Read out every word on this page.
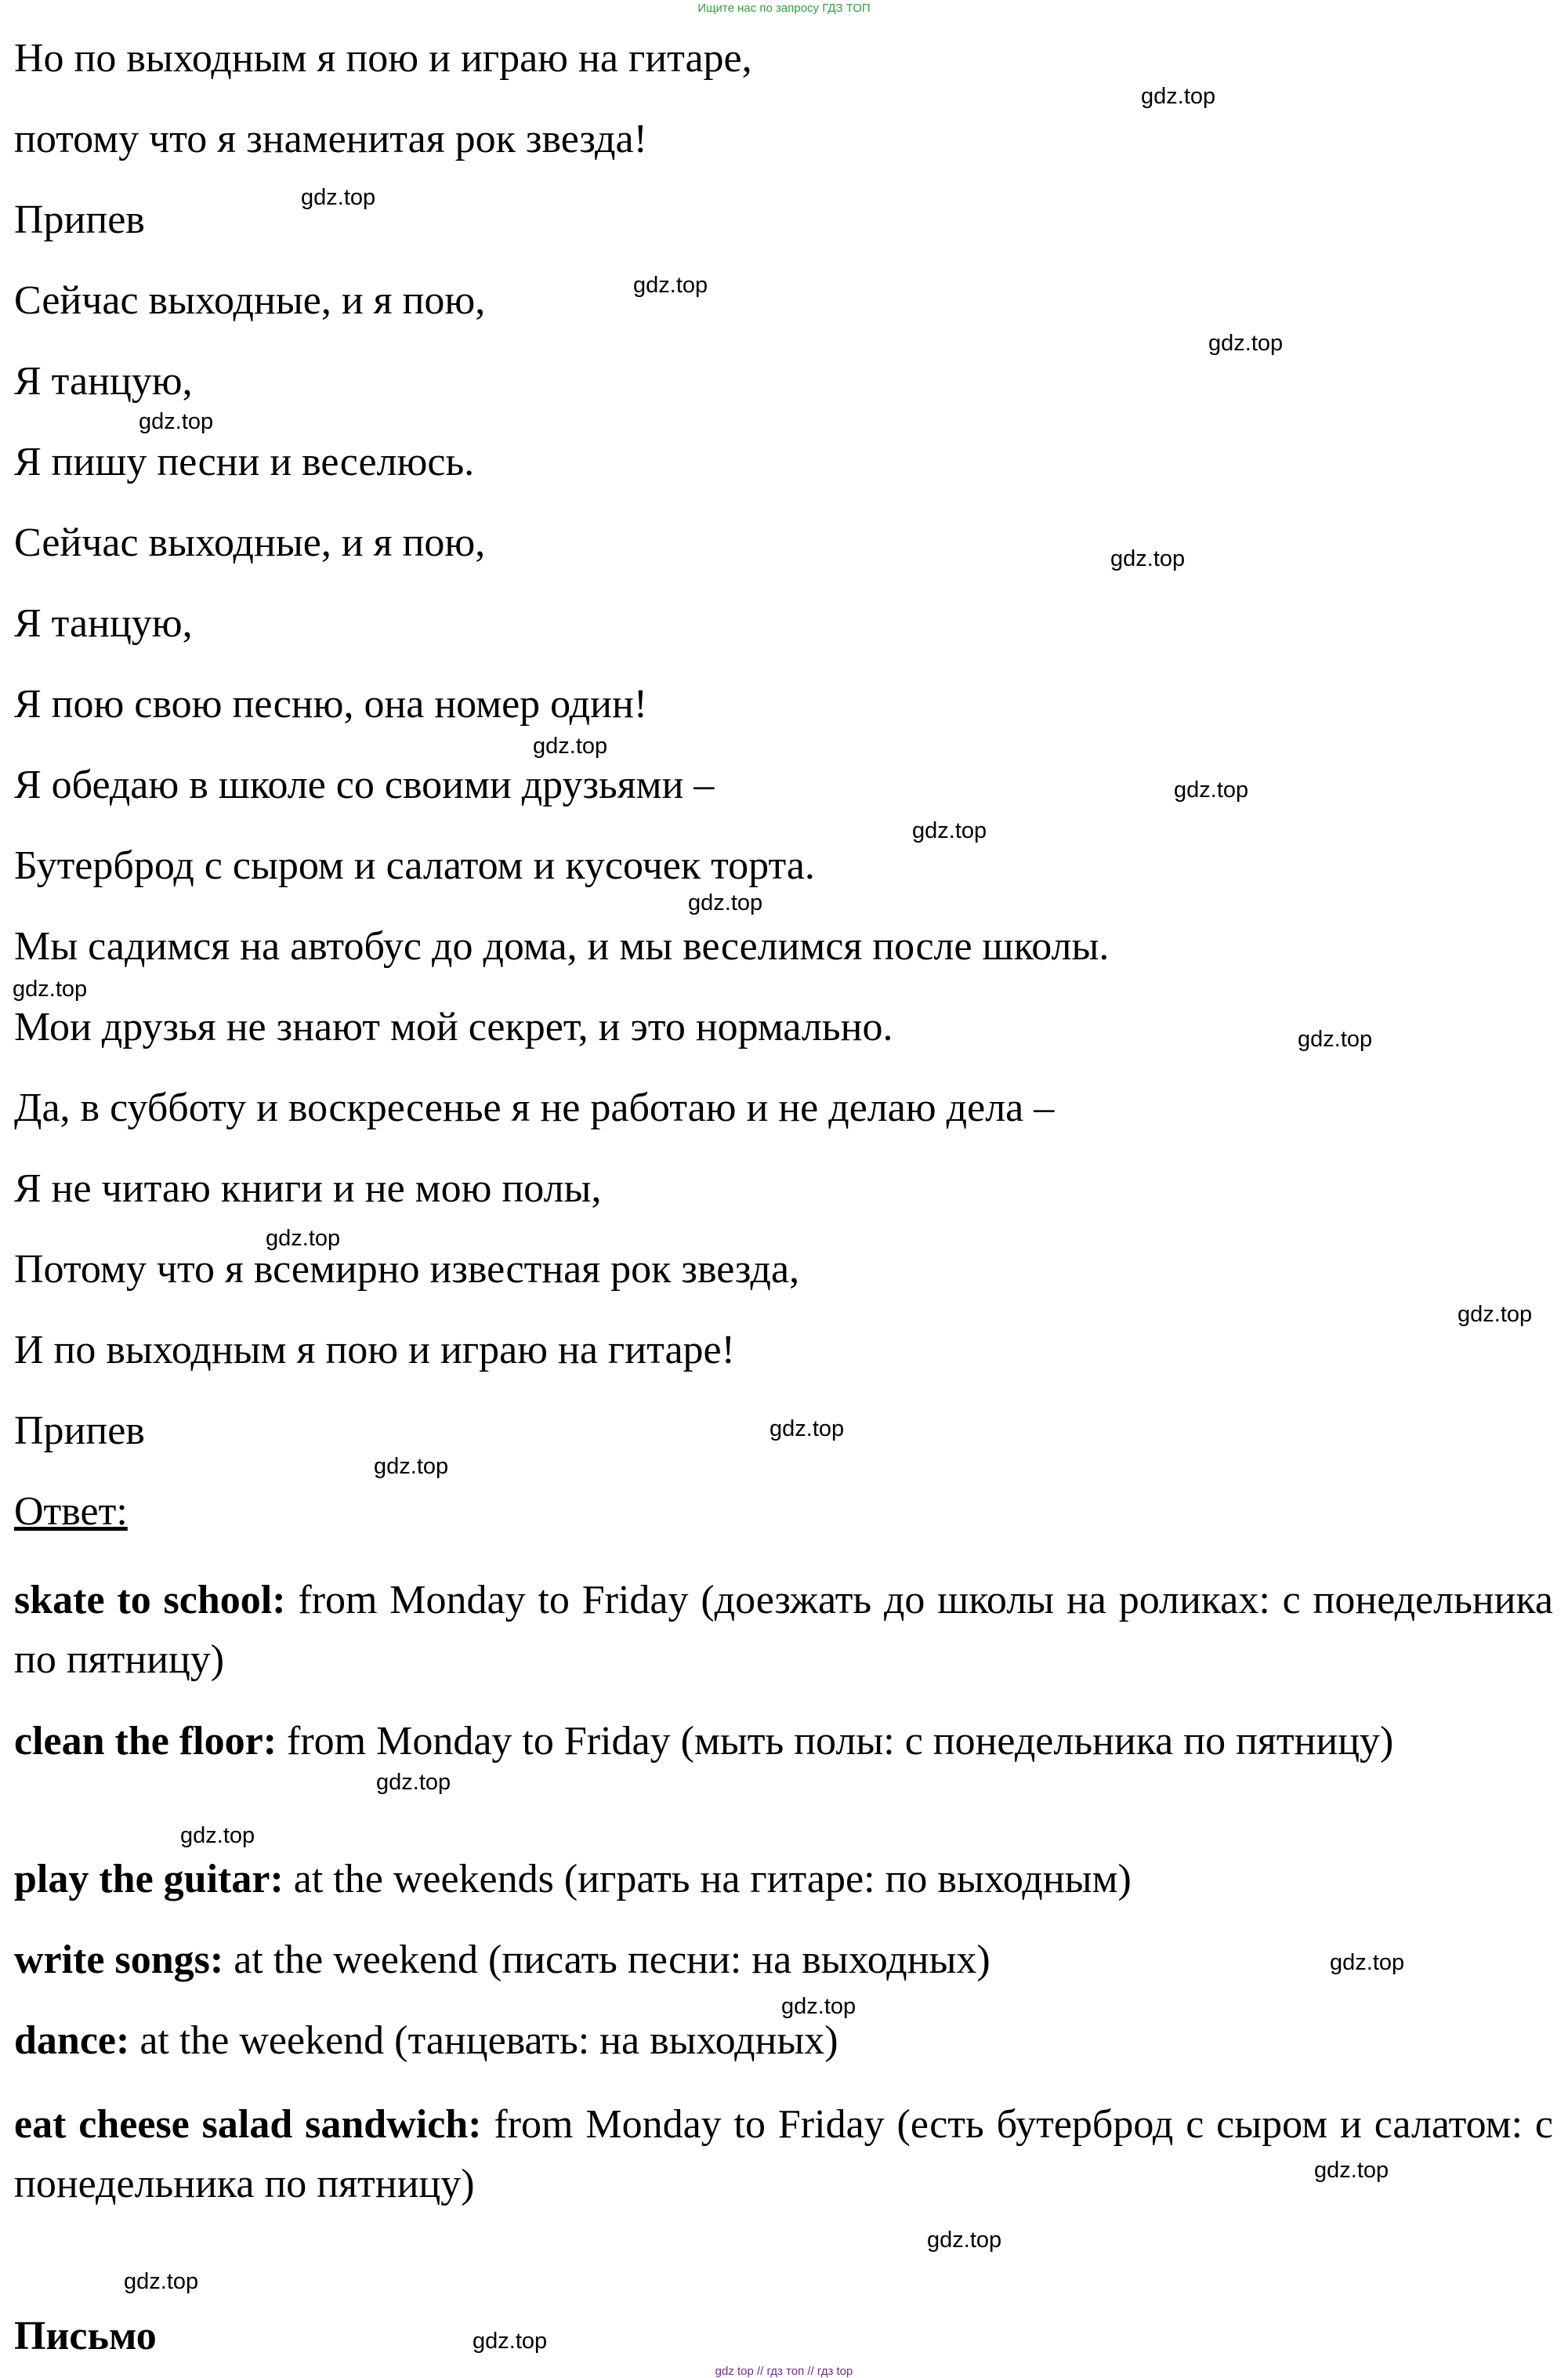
Ищите нас по запросу ГДЗ ТОП
Но по выходным я пою и играю на гитаре,
потому что я знаменитая рок звезда!
Припев
Сейчас выходные, и я пою,
Я танцую,
Я пишу песни и веселюсь.
Сейчас выходные, и я пою,
Я танцую,
Я пою свою песню, она номер один!
Я обедаю в школе со своими друзьями –
Бутерброд с сыром и салатом и кусочек торта.
Мы садимся на автобус до дома, и мы веселимся после школы.
Мои друзья не знают мой секрет, и это нормально.
Да, в субботу и воскресенье я не работаю и не делаю дела –
Я не читаю книги и не мою полы,
Потому что я всемирно известная рок звезда,
И по выходным я пою и играю на гитаре!
Припев
Ответ:
skate to school: from Monday to Friday (доезжать до школы на роликах: с понедельника по пятницу)
clean the floor: from Monday to Friday (мыть полы: с понедельника по пятницу)
play the guitar: at the weekends (играть на гитаре: по выходным)
write songs: at the weekend (писать песни: на выходных)
dance: at the weekend (танцевать: на выходных)
eat cheese salad sandwich: from Monday to Friday (есть бутерброд с сыром и салатом: с понедельника по пятницу)
Письмо
gdz.top
gdz.top
gdz.top
gdz.top
gdz.top
gdz.top
gdz.top
gdz.top
gdz.top
gdz.top
gdz.top
gdz.top
gdz.top
gdz.top
gdz.top
gdz.top
gdz.top
gdz.top
gdz.top
gdz.top
gdz.top
gdz.top
gdz.top
gdz.top
gdz top // гдз топ // гдз top
